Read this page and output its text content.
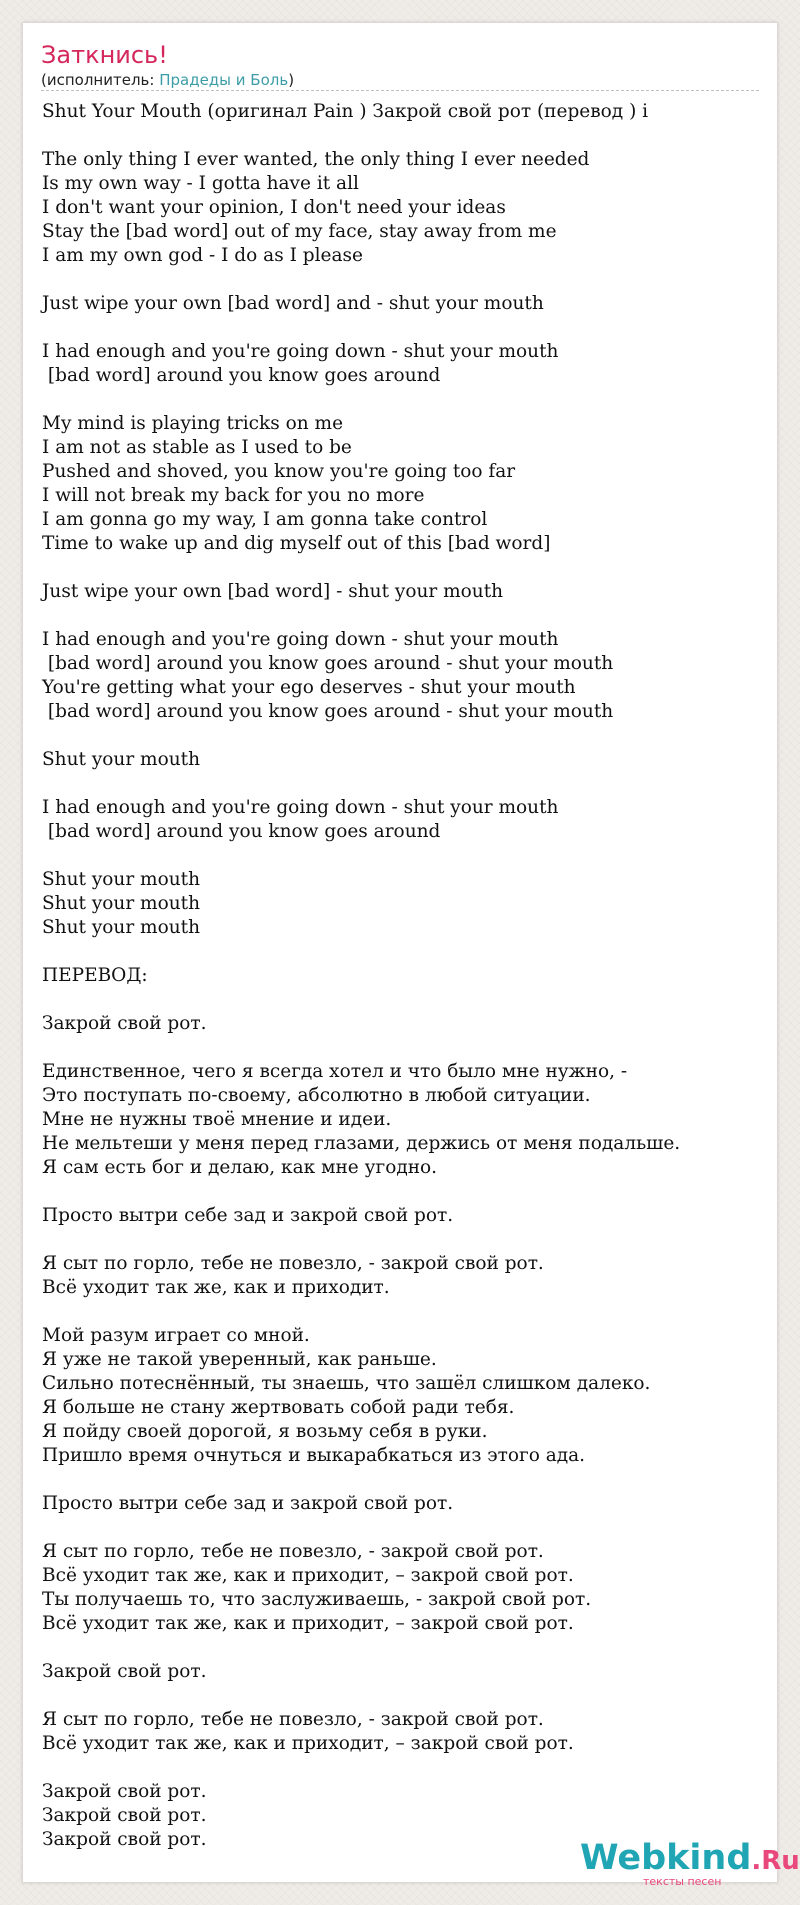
Заткнись!
(исполнитель: Прадеды и Боль)
Shut Your Mouth (оригинал Pain ) Закрой свой рот (перевод ) i

The only thing I ever wanted, the only thing I ever needed
Is my own way - I gotta have it all
I don't want your opinion, I don't need your ideas
Stay the [bad word] out of my face, stay away from me
I am my own god - I do as I please

Just wipe your own [bad word] and - shut your mouth

I had enough and you're going down - shut your mouth
[bad word] around you know goes around

My mind is playing tricks on me
I am not as stable as I used to be
Pushed and shoved, you know you're going too far
I will not break my back for you no more
I am gonna go my way, I am gonna take control
Time to wake up and dig myself out of this [bad word]

Just wipe your own [bad word] - shut your mouth

I had enough and you're going down - shut your mouth
[bad word] around you know goes around - shut your mouth
You're getting what your ego deserves - shut your mouth
[bad word] around you know goes around - shut your mouth

Shut your mouth

I had enough and you're going down - shut your mouth
[bad word] around you know goes around

Shut your mouth
Shut your mouth
Shut your mouth

ПЕРЕВОД:

Закрой свой рот.

Единственное, чего я всегда хотел и что было мне нужно, -
Это поступать по-своему, абсолютно в любой ситуации.
Мне не нужны твоё мнение и идеи.
Не мельтеши у меня перед глазами, держись от меня подальше.
Я сам есть бог и делаю, как мне угодно.

Просто вытри себе зад и закрой свой рот.

Я сыт по горло, тебе не повезло, - закрой свой рот.
Всё уходит так же, как и приходит.

Мой разум играет со мной.
Я уже не такой уверенный, как раньше.
Сильно потеснённый, ты знаешь, что зашёл слишком далеко.
Я больше не стану жертвовать собой ради тебя.
Я пойду своей дорогой, я возьму себя в руки.
Пришло время очнуться и выкарабкаться из этого ада.

Просто вытри себе зад и закрой свой рот.

Я сыт по горло, тебе не повезло, - закрой свой рот.
Всё уходит так же, как и приходит, – закрой свой рот.
Ты получаешь то, что заслуживаешь, - закрой свой рот.
Всё уходит так же, как и приходит, – закрой свой рот.

Закрой свой рот.

Я сыт по горло, тебе не повезло, - закрой свой рот.
Всё уходит так же, как и приходит, – закрой свой рот.

Закрой свой рот.
Закрой свой рот.
Закрой свой рот.	Webkind.Ru
тексты песен
